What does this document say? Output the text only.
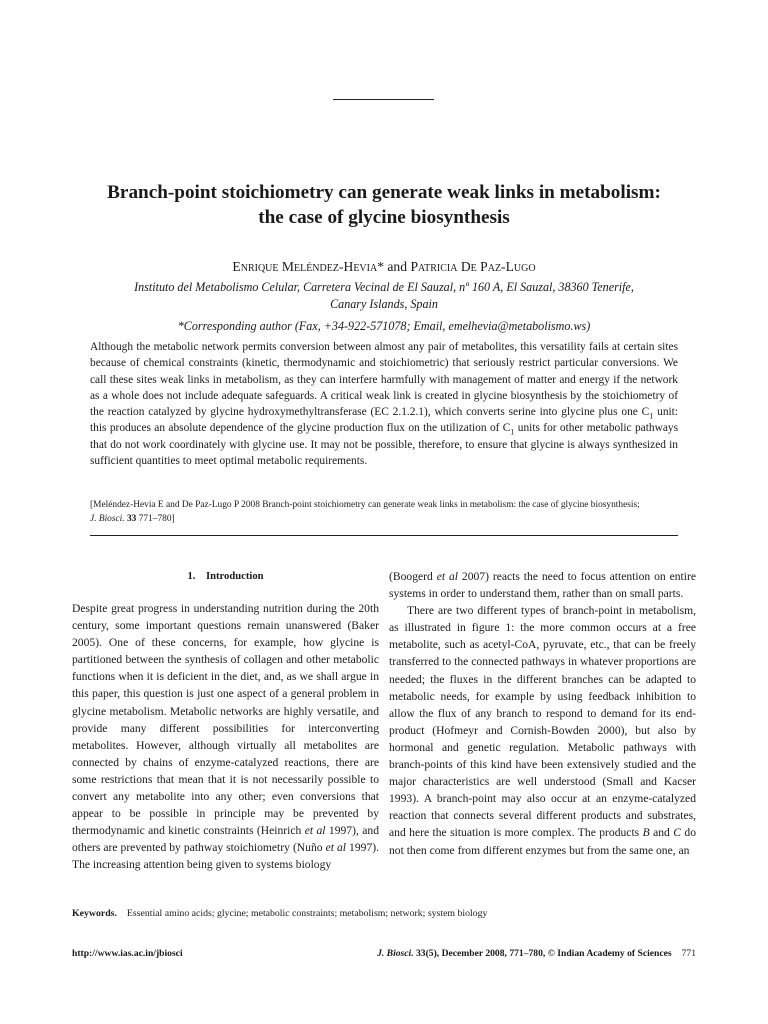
Branch-point stoichiometry can generate weak links in metabolism:
the case of glycine biosynthesis

Enrique Meléndez-Hevia* and Patricia De Paz-Lugo

Instituto del Metabolismo Celular, Carretera Vecinal de El Sauzal, nº 160 A, El Sauzal, 38360 Tenerife,
Canary Islands, Spain

*Corresponding author (Fax, +34-922-571078; Email, emelhevia@metabolismo.ws)

Although the metabolic network permits conversion between almost any pair of metabolites, this versatility fails at certain sites because of chemical constraints (kinetic, thermodynamic and stoichiometric) that seriously restrict particular conversions. We call these sites weak links in metabolism, as they can interfere harmfully with management of matter and energy if the network as a whole does not include adequate safeguards. A critical weak link is created in glycine biosynthesis by the stoichiometry of the reaction catalyzed by glycine hydroxymethyltransferase (EC 2.1.2.1), which converts serine into glycine plus one $C_1$ unit: this produces an absolute dependence of the glycine production flux on the utilization of $C_1$ units for other metabolic pathways that do not work coordinately with glycine use. It may not be possible, therefore, to ensure that glycine is always synthesized in sufficient quantities to meet optimal metabolic requirements.

[Meléndez-Hevia E and De Paz-Lugo P 2008 Branch-point stoichiometry can generate weak links in metabolism: the case of glycine biosynthesis;
J. Biosci. 33 771–780]

1.    Introduction

Despite great progress in understanding nutrition during the 20th century, some important questions remain unanswered (Baker 2005). One of these concerns, for example, how glycine is partitioned between the synthesis of collagen and other metabolic functions when it is deficient in the diet, and, as we shall argue in this paper, this question is just one aspect of a general problem in glycine metabolism. Metabolic networks are highly versatile, and provide many different possibilities for interconverting metabolites. However, although virtually all metabolites are connected by chains of enzyme-catalyzed reactions, there are some restrictions that mean that it is not necessarily possible to convert any metabolite into any other; even conversions that appear to be possible in principle may be prevented by thermodynamic and kinetic constraints (Heinrich et al 1997), and others are prevented by pathway stoichiometry (Nuño et al 1997). The increasing attention being given to systems biology

(Boogerd et al 2007) reacts the need to focus attention on entire systems in order to understand them, rather than on small parts.

There are two different types of branch-point in metabolism, as illustrated in figure 1: the more common occurs at a free metabolite, such as acetyl-CoA, pyruvate, etc., that can be freely transferred to the connected pathways in whatever proportions are needed; the fluxes in the different branches can be adapted to metabolic needs, for example by using feedback inhibition to allow the flux of any branch to respond to demand for its end-product (Hofmeyr and Cornish-Bowden 2000), but also by hormonal and genetic regulation. Metabolic pathways with branch-points of this kind have been extensively studied and the major characteristics are well understood (Small and Kacser 1993). A branch-point may also occur at an enzyme-catalyzed reaction that connects several different products and substrates, and here the situation is more complex. The products B and C do not then come from different enzymes but from the same one, an

Keywords. Essential amino acids; glycine; metabolic constraints; metabolism; network; system biology

http://www.ias.ac.in/jbiosci	J. Biosci. 33(5), December 2008, 771–780, © Indian Academy of Sciences 771
